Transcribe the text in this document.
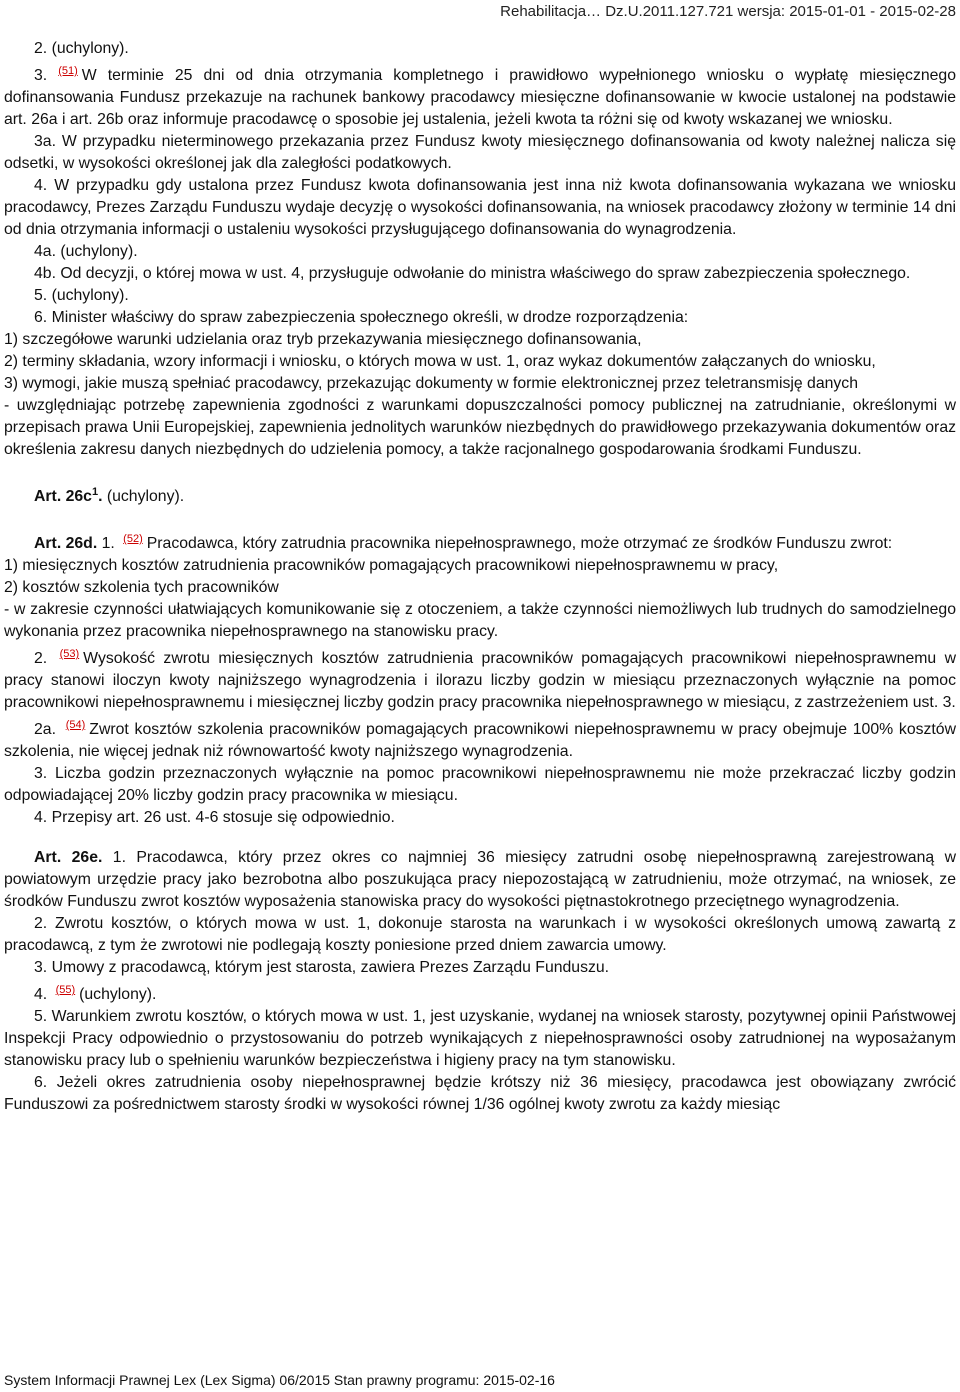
Rehabilitacja… Dz.U.2011.127.721 wersja: 2015-01-01 - 2015-02-28

2. (uchylony).

3. $^{(51)}$ W terminie 25 dni od dnia otrzymania kompletnego i prawidłowo wypełnionego wniosku o wypłatę miesięcznego dofinansowania Fundusz przekazuje na rachunek bankowy pracodawcy miesięczne dofinansowanie w kwocie ustalonej na podstawie art. 26a i art. 26b oraz informuje pracodawcę o sposobie jej ustalenia, jeżeli kwota ta różni się od kwoty wskazanej we wniosku.

3a. W przypadku nieterminowego przekazania przez Fundusz kwoty miesięcznego dofinansowania od kwoty należnej nalicza się odsetki, w wysokości określonej jak dla zaległości podatkowych.

4. W przypadku gdy ustalona przez Fundusz kwota dofinansowania jest inna niż kwota dofinansowania wykazana we wniosku pracodawcy, Prezes Zarządu Funduszu wydaje decyzję o wysokości dofinansowania, na wniosek pracodawcy złożony w terminie 14 dni od dnia otrzymania informacji o ustaleniu wysokości przysługującego dofinansowania do wynagrodzenia.

4a. (uchylony).

4b. Od decyzji, o której mowa w ust. 4, przysługuje odwołanie do ministra właściwego do spraw zabezpieczenia społecznego.

5. (uchylony).

6. Minister właściwy do spraw zabezpieczenia społecznego określi, w drodze rozporządzenia:

1) szczegółowe warunki udzielania oraz tryb przekazywania miesięcznego dofinansowania,

2) terminy składania, wzory informacji i wniosku, o których mowa w ust. 1, oraz wykaz dokumentów załączanych do wniosku,

3) wymogi, jakie muszą spełniać pracodawcy, przekazując dokumenty w formie elektronicznej przez teletransmisję danych

- uwzględniając potrzebę zapewnienia zgodności z warunkami dopuszczalności pomocy publicznej na zatrudnianie, określonymi w przepisach prawa Unii Europejskiej, zapewnienia jednolitych warunków niezbędnych do prawidłowego przekazywania dokumentów oraz określenia zakresu danych niezbędnych do udzielenia pomocy, a także racjonalnego gospodarowania środkami Funduszu.

Art. $26c^1$. (uchylony).

Art. 26d. 1. $^{(52)}$ Pracodawca, który zatrudnia pracownika niepełnosprawnego, może otrzymać ze środków Funduszu zwrot:

1) miesięcznych kosztów zatrudnienia pracowników pomagających pracownikowi niepełnosprawnemu w pracy,

2) kosztów szkolenia tych pracowników

- w zakresie czynności ułatwiających komunikowanie się z otoczeniem, a także czynności niemożliwych lub trudnych do samodzielnego wykonania przez pracownika niepełnosprawnego na stanowisku pracy.

2. $^{(53)}$ Wysokość zwrotu miesięcznych kosztów zatrudnienia pracowników pomagających pracownikowi niepełnosprawnemu w pracy stanowi iloczyn kwoty najniższego wynagrodzenia i ilorazu liczby godzin w miesiącu przeznaczonych wyłącznie na pomoc pracownikowi niepełnosprawnemu i miesięcznej liczby godzin pracy pracownika niepełnosprawnego w miesiącu, z zastrzeżeniem ust. 3.

2a. $^{(54)}$ Zwrot kosztów szkolenia pracowników pomagających pracownikowi niepełnosprawnemu w pracy obejmuje 100% kosztów szkolenia, nie więcej jednak niż równowartość kwoty najniższego wynagrodzenia.

3. Liczba godzin przeznaczonych wyłącznie na pomoc pracownikowi niepełnosprawnemu nie może przekraczać liczby godzin odpowiadającej 20% liczby godzin pracy pracownika w miesiącu.

4. Przepisy art. 26 ust. 4-6 stosuje się odpowiednio.

Art. 26e. 1. Pracodawca, który przez okres co najmniej 36 miesięcy zatrudni osobę niepełnosprawną zarejestrowaną w powiatowym urzędzie pracy jako bezrobotna albo poszukująca pracy niepozostającą w zatrudnieniu, może otrzymać, na wniosek, ze środków Funduszu zwrot kosztów wyposażenia stanowiska pracy do wysokości piętnastokrotnego przeciętnego wynagrodzenia.

2. Zwrotu kosztów, o których mowa w ust. 1, dokonuje starosta na warunkach i w wysokości określonych umową zawartą z pracodawcą, z tym że zwrotowi nie podlegają koszty poniesione przed dniem zawarcia umowy.

3. Umowy z pracodawcą, którym jest starosta, zawiera Prezes Zarządu Funduszu.

4. $^{(55)}$ (uchylony).

5. Warunkiem zwrotu kosztów, o których mowa w ust. 1, jest uzyskanie, wydanej na wniosek starosty, pozytywnej opinii Państwowej Inspekcji Pracy odpowiednio o przystosowaniu do potrzeb wynikających z niepełnosprawności osoby zatrudnionej na wyposażanym stanowisku pracy lub o spełnieniu warunków bezpieczeństwa i higieny pracy na tym stanowisku.

6. Jeżeli okres zatrudnienia osoby niepełnosprawnej będzie krótszy niż 36 miesięcy, pracodawca jest obowiązany zwrócić Funduszowi za pośrednictwem starosty środki w wysokości równej 1/36 ogólnej kwoty zwrotu za każdy miesiąc

System Informacji Prawnej Lex (Lex Sigma) 06/2015 Stan prawny programu: 2015-02-16
